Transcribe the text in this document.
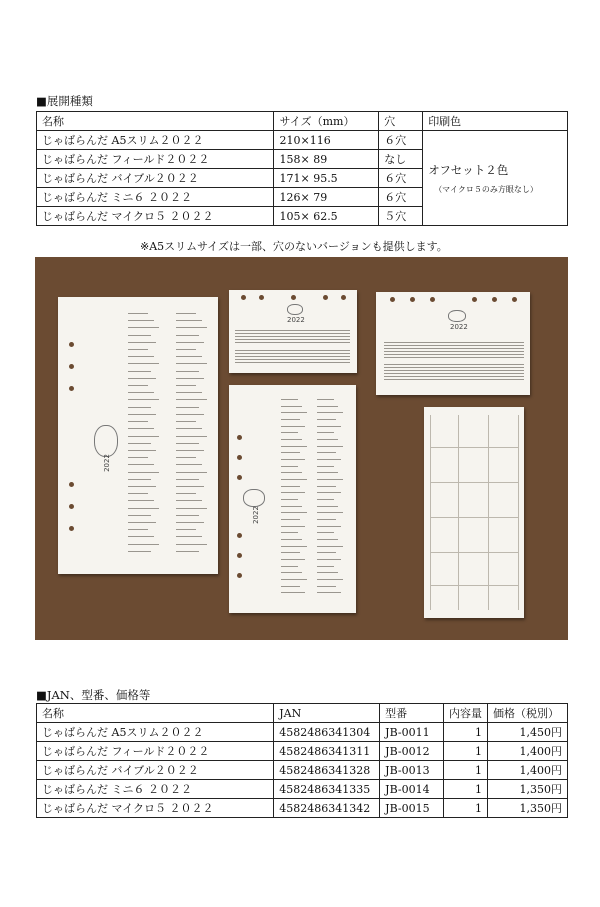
■展開種類
名称	サイズ（mm）	穴	印刷色
じゃばらんだ A5スリム２０２２	210×116	６穴	オフセット２色
（マイクロ５のみ方眼なし）

じゃばらんだ フィールド２０２２	158× 89	なし	
じゃばらんだ バイブル２０２２	171× 95.5	６穴	
じゃばらんだ ミニ６ ２０２２	126× 79	６穴	
じゃばらんだ マイクロ５ ２０２２	105× 62.5	５穴	
※A5スリムサイズは一部、穴のないバージョンも提供します。
2022
2022
2022
2022
■JAN、型番、価格等
名称	JAN	型番	内容量	価格（税別）
じゃばらんだ A5スリム２０２２	4582486341304	JB-0011	1	1,450円
じゃばらんだ フィールド２０２２	4582486341311	JB-0012	1	1,400円
じゃばらんだ バイブル２０２２	4582486341328	JB-0013	1	1,400円
じゃばらんだ ミニ６ ２０２２	4582486341335	JB-0014	1	1,350円
じゃばらんだ マイクロ５ ２０２２	4582486341342	JB-0015	1	1,350円
